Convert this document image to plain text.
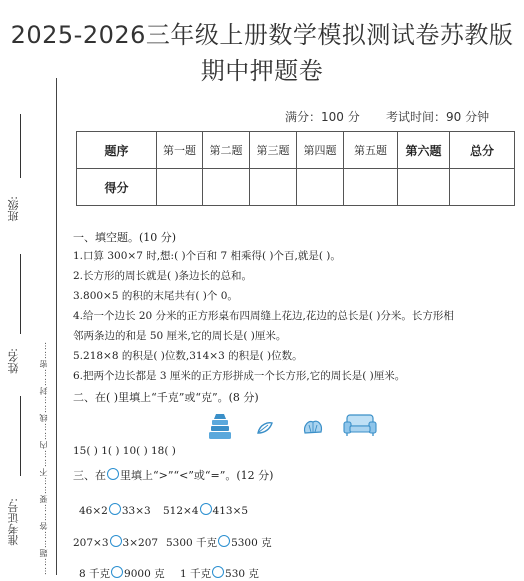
2025-2026三年级上册数学模拟测试卷苏教版
期中押题卷
班级:
姓名:
准考证号: ……题……答……要……不……内……线……封……密……
满分：100 分 考试时间：90 分钟
题序	第一题	第二题	第三题	第四题	第五题	第六题	总分
得分							
一、填空题。(10 分)
1.口算 300×7 时,想:( )个百和 7 相乘得( )个百,就是( )。
2.长方形的周长就是( )条边长的总和。
3.800×5 的积的末尾共有( )个 0。
4.给一个边长 20 分米的正方形桌布四周缝上花边,花边的总长是( )分米。长方形相
邻两条边的和是 50 厘米,它的周长是( )厘米。
5.218×8 的积是( )位数,314×3 的积是( )位数。
6.把两个边长都是 3 厘米的正方形拼成一个长方形,它的周长是( )厘米。
二、在( )里填上“千克”或“克”。(8 分)
15( ) 1( ) 10( ) 18( )
三、在 里填上“>”“<”或“=”。(12 分)
46×2 33×3 512×4 413×5
207×3 3×207 5300 千克 5300 克
8 千克 9000 克 1 千克 530 克
